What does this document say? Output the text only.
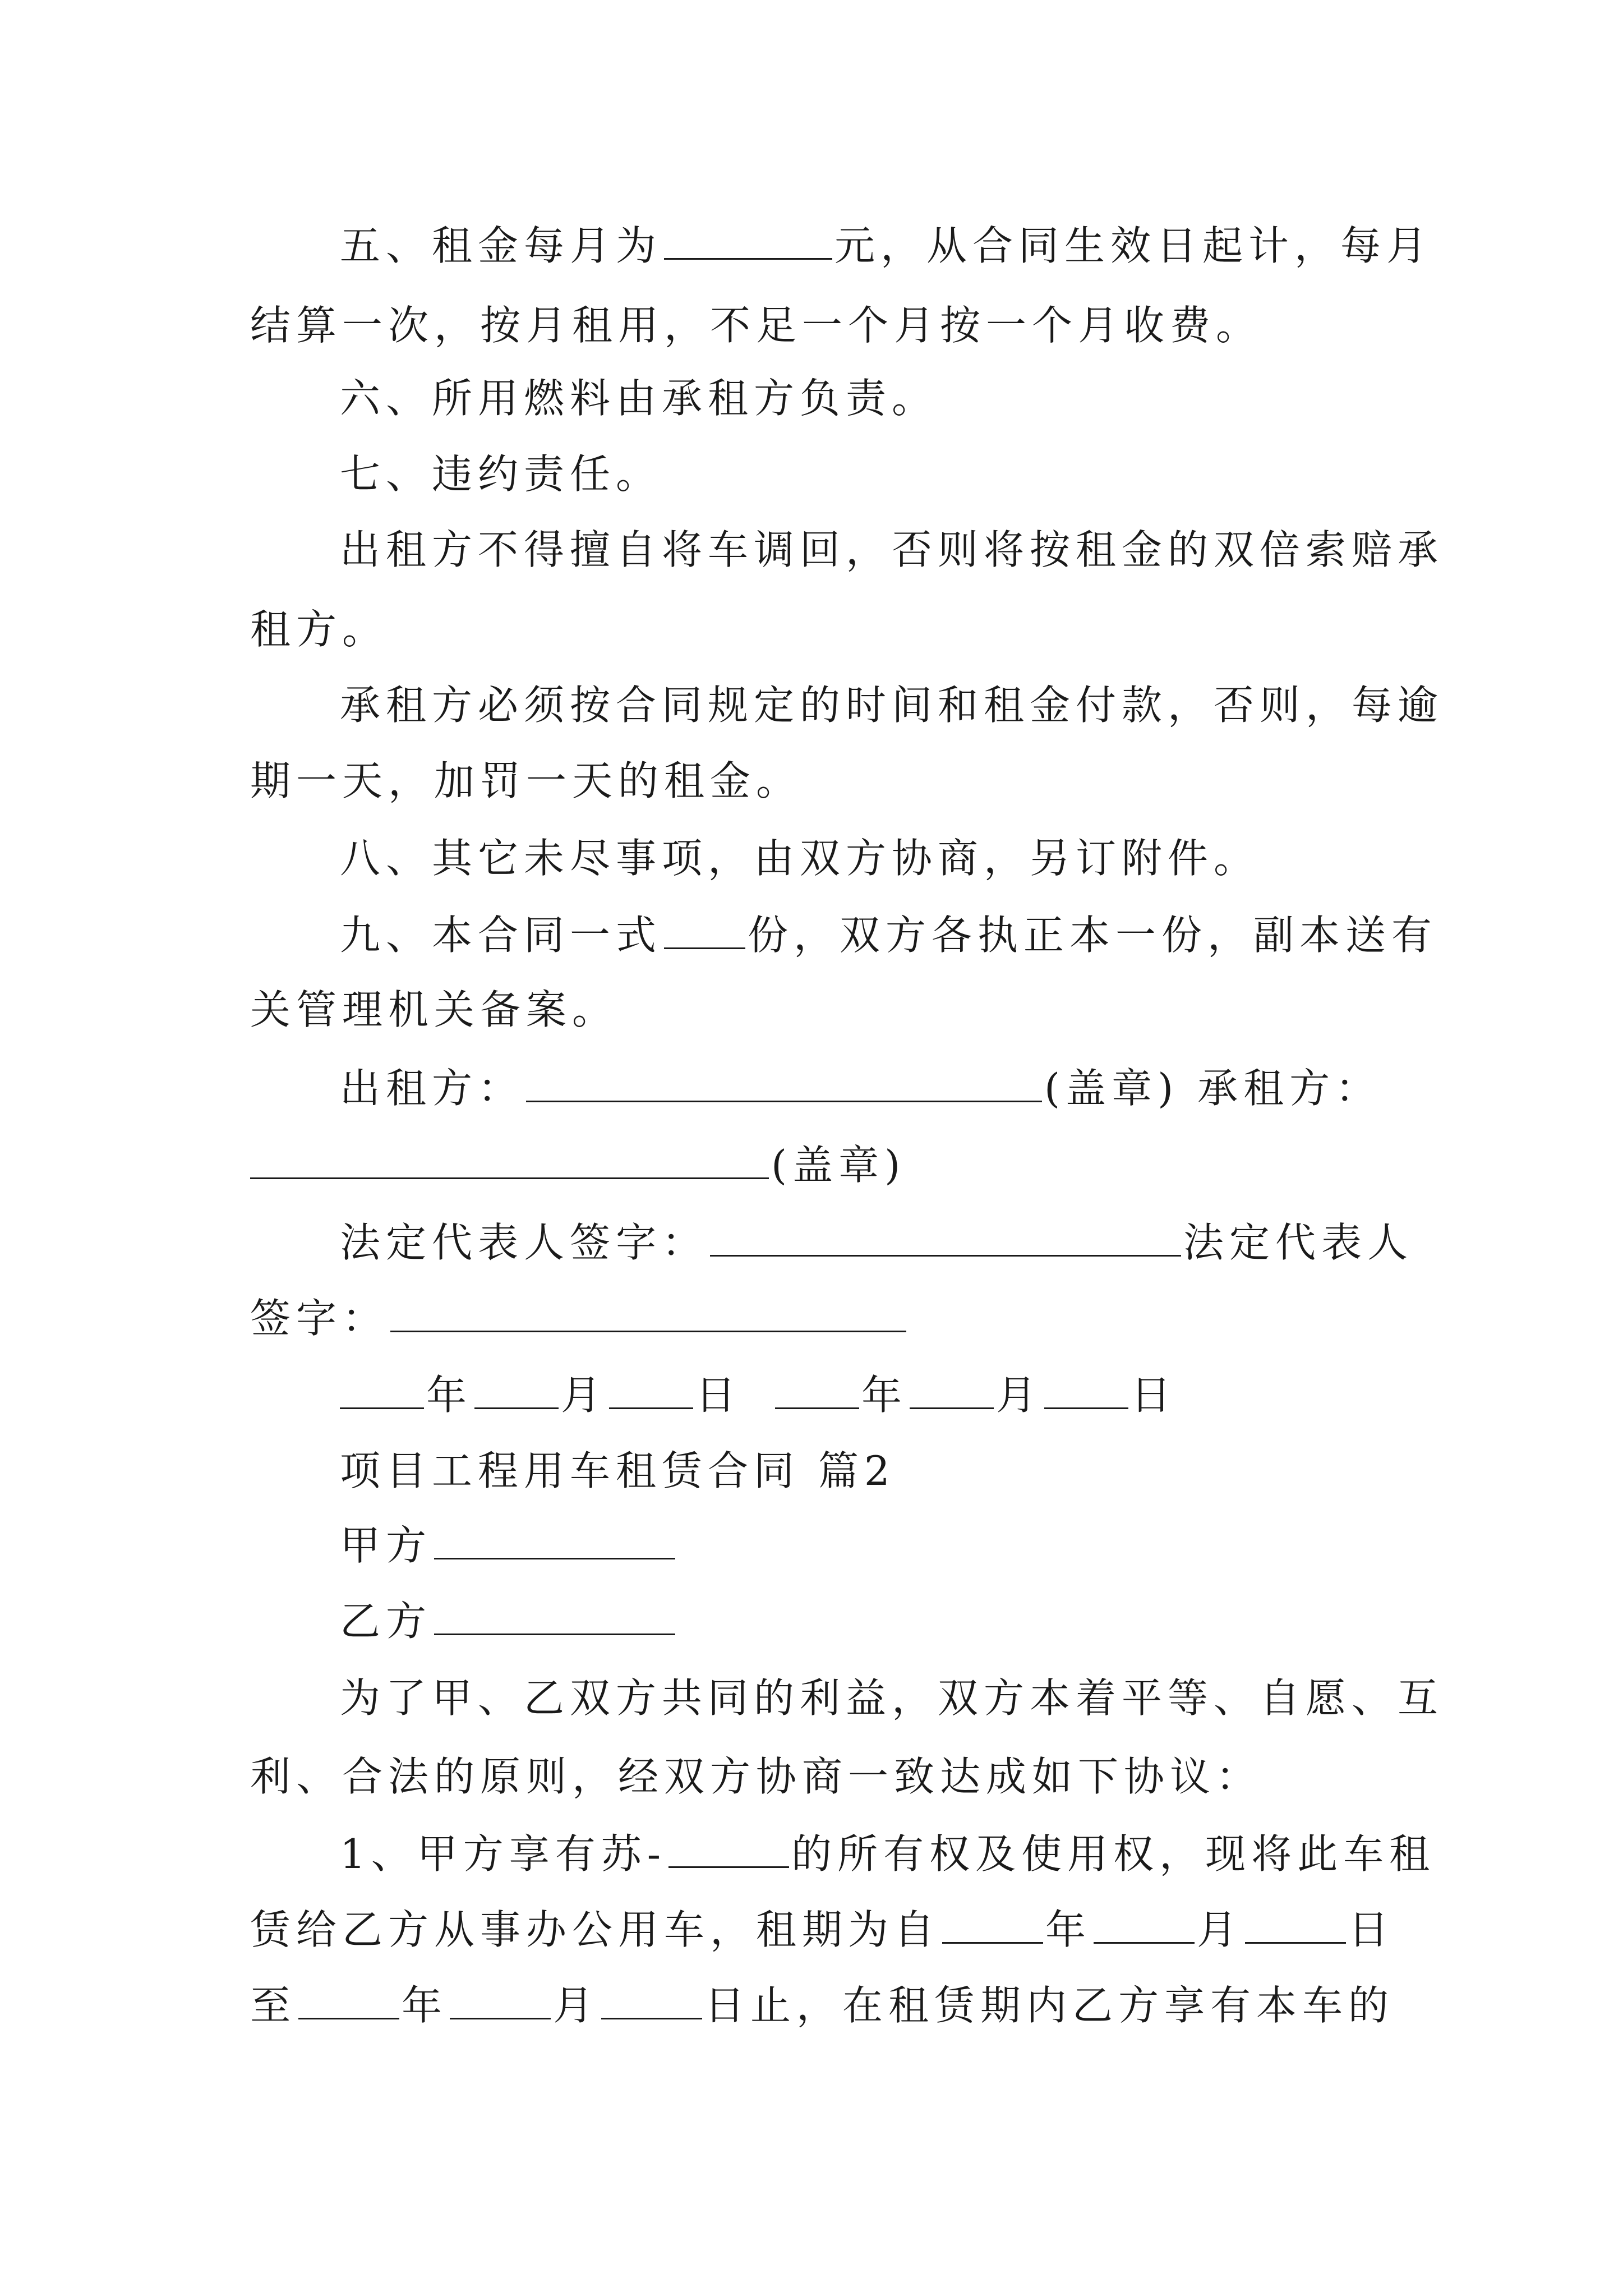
五、租金每月为	元，从合同生效日起计，每月
结算一次，按月租用，不足一个月按一个月收费。
六、所用燃料由承租方负责。
七、违约责任。
出租方不得擅自将车调回，否则将按租金的双倍索赔承
租方。
承租方必须按合同规定的时间和租金付款，否则，每逾
期一天，加罚一天的租金。
八、其它未尽事项，由双方协商，另订附件。
九、本合同一式 份，双方各执正本一份，副本送有
关管理机关备案。
出租方：	(盖章) 承租方：
(盖章)
法定代表人签字：	法定代表人
签字：
年 月 日	年 月 日
项目工程用车租赁合同 篇2
甲方
乙方
为了甲、乙双方共同的利益，双方本着平等、自愿、互
利、合法的原则，经双方协商一致达成如下协议：
1、甲方享有苏-	的所有权及使用权，现将此车租
赁给乙方从事办公用车，租期为自	年	月	日
至	年	月	日止，在租赁期内乙方享有本车的
